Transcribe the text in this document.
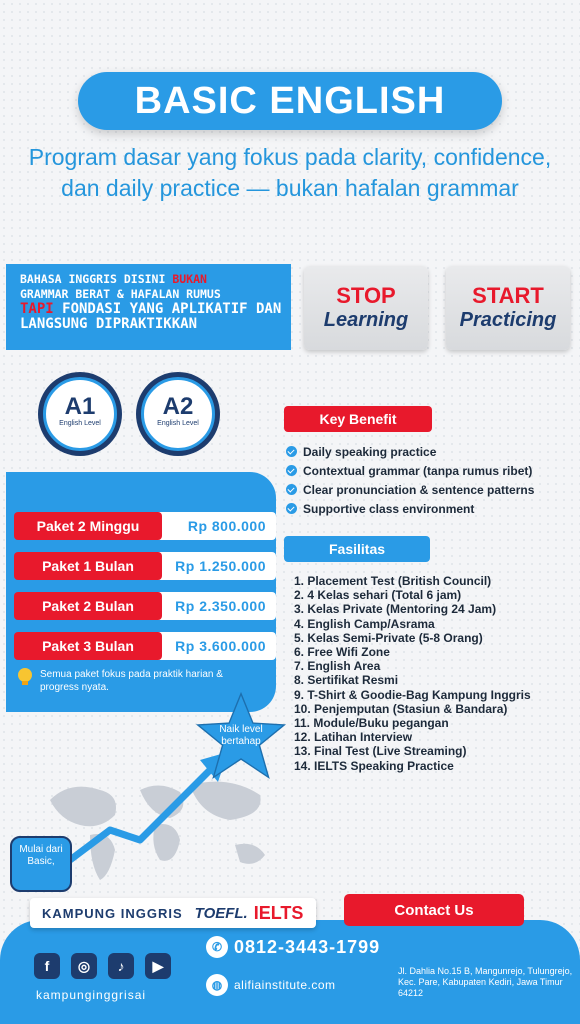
BASIC ENGLISH
Program dasar yang fokus pada clarity, confidence, dan daily practice — bukan hafalan grammar
BAHASA INGGRIS DISINI BUKAN
GRAMMAR BERAT & HAFALAN RUMUS
TAPI FONDASI YANG APLIKATIF DAN
LANGSUNG DIPRAKTIKKAN
STOP
Learning
START
Practicing
A1
English Level
A2
English Level
Paket 2 Minggu	Rp 800.000
Paket 1 Bulan	Rp 1.250.000
Paket 2 Bulan	Rp 2.350.000
Paket 3 Bulan	Rp 3.600.000
Semua paket fokus pada praktik harian & progress nyata.
Naik level bertahap
Mulai dari Basic,
Key Benefit
Daily speaking practice
Contextual grammar (tanpa rumus ribet)
Clear pronunciation & sentence patterns
Supportive class environment
Fasilitas
1. Placement Test (British Council)
2. 4 Kelas sehari (Total 6 jam)
3. Kelas Private (Mentoring 24 Jam)
4. English Camp/Asrama
5. Kelas Semi-Private (5-8 Orang)
6. Free Wifi Zone
7. English Area
8. Sertifikat Resmi
9. T-Shirt & Goodie-Bag Kampung Inggris
10. Penjemputan (Stasiun & Bandara)
11. Module/Buku pegangan
12. Latihan Interview
13. Final Test (Live Streaming)
14. IELTS Speaking Practice
KAMPUNG INGGRIS TOEFL. IELTS	Contact Us
f	◎	♪	▶
kampunginggrisai
✆ 0812-3443-1799
◍ alifiainstitute.com
Jl. Dahlia No.15 B, Mangunrejo, Tulungrejo, Kec. Pare, Kabupaten Kediri, Jawa Timur 64212
